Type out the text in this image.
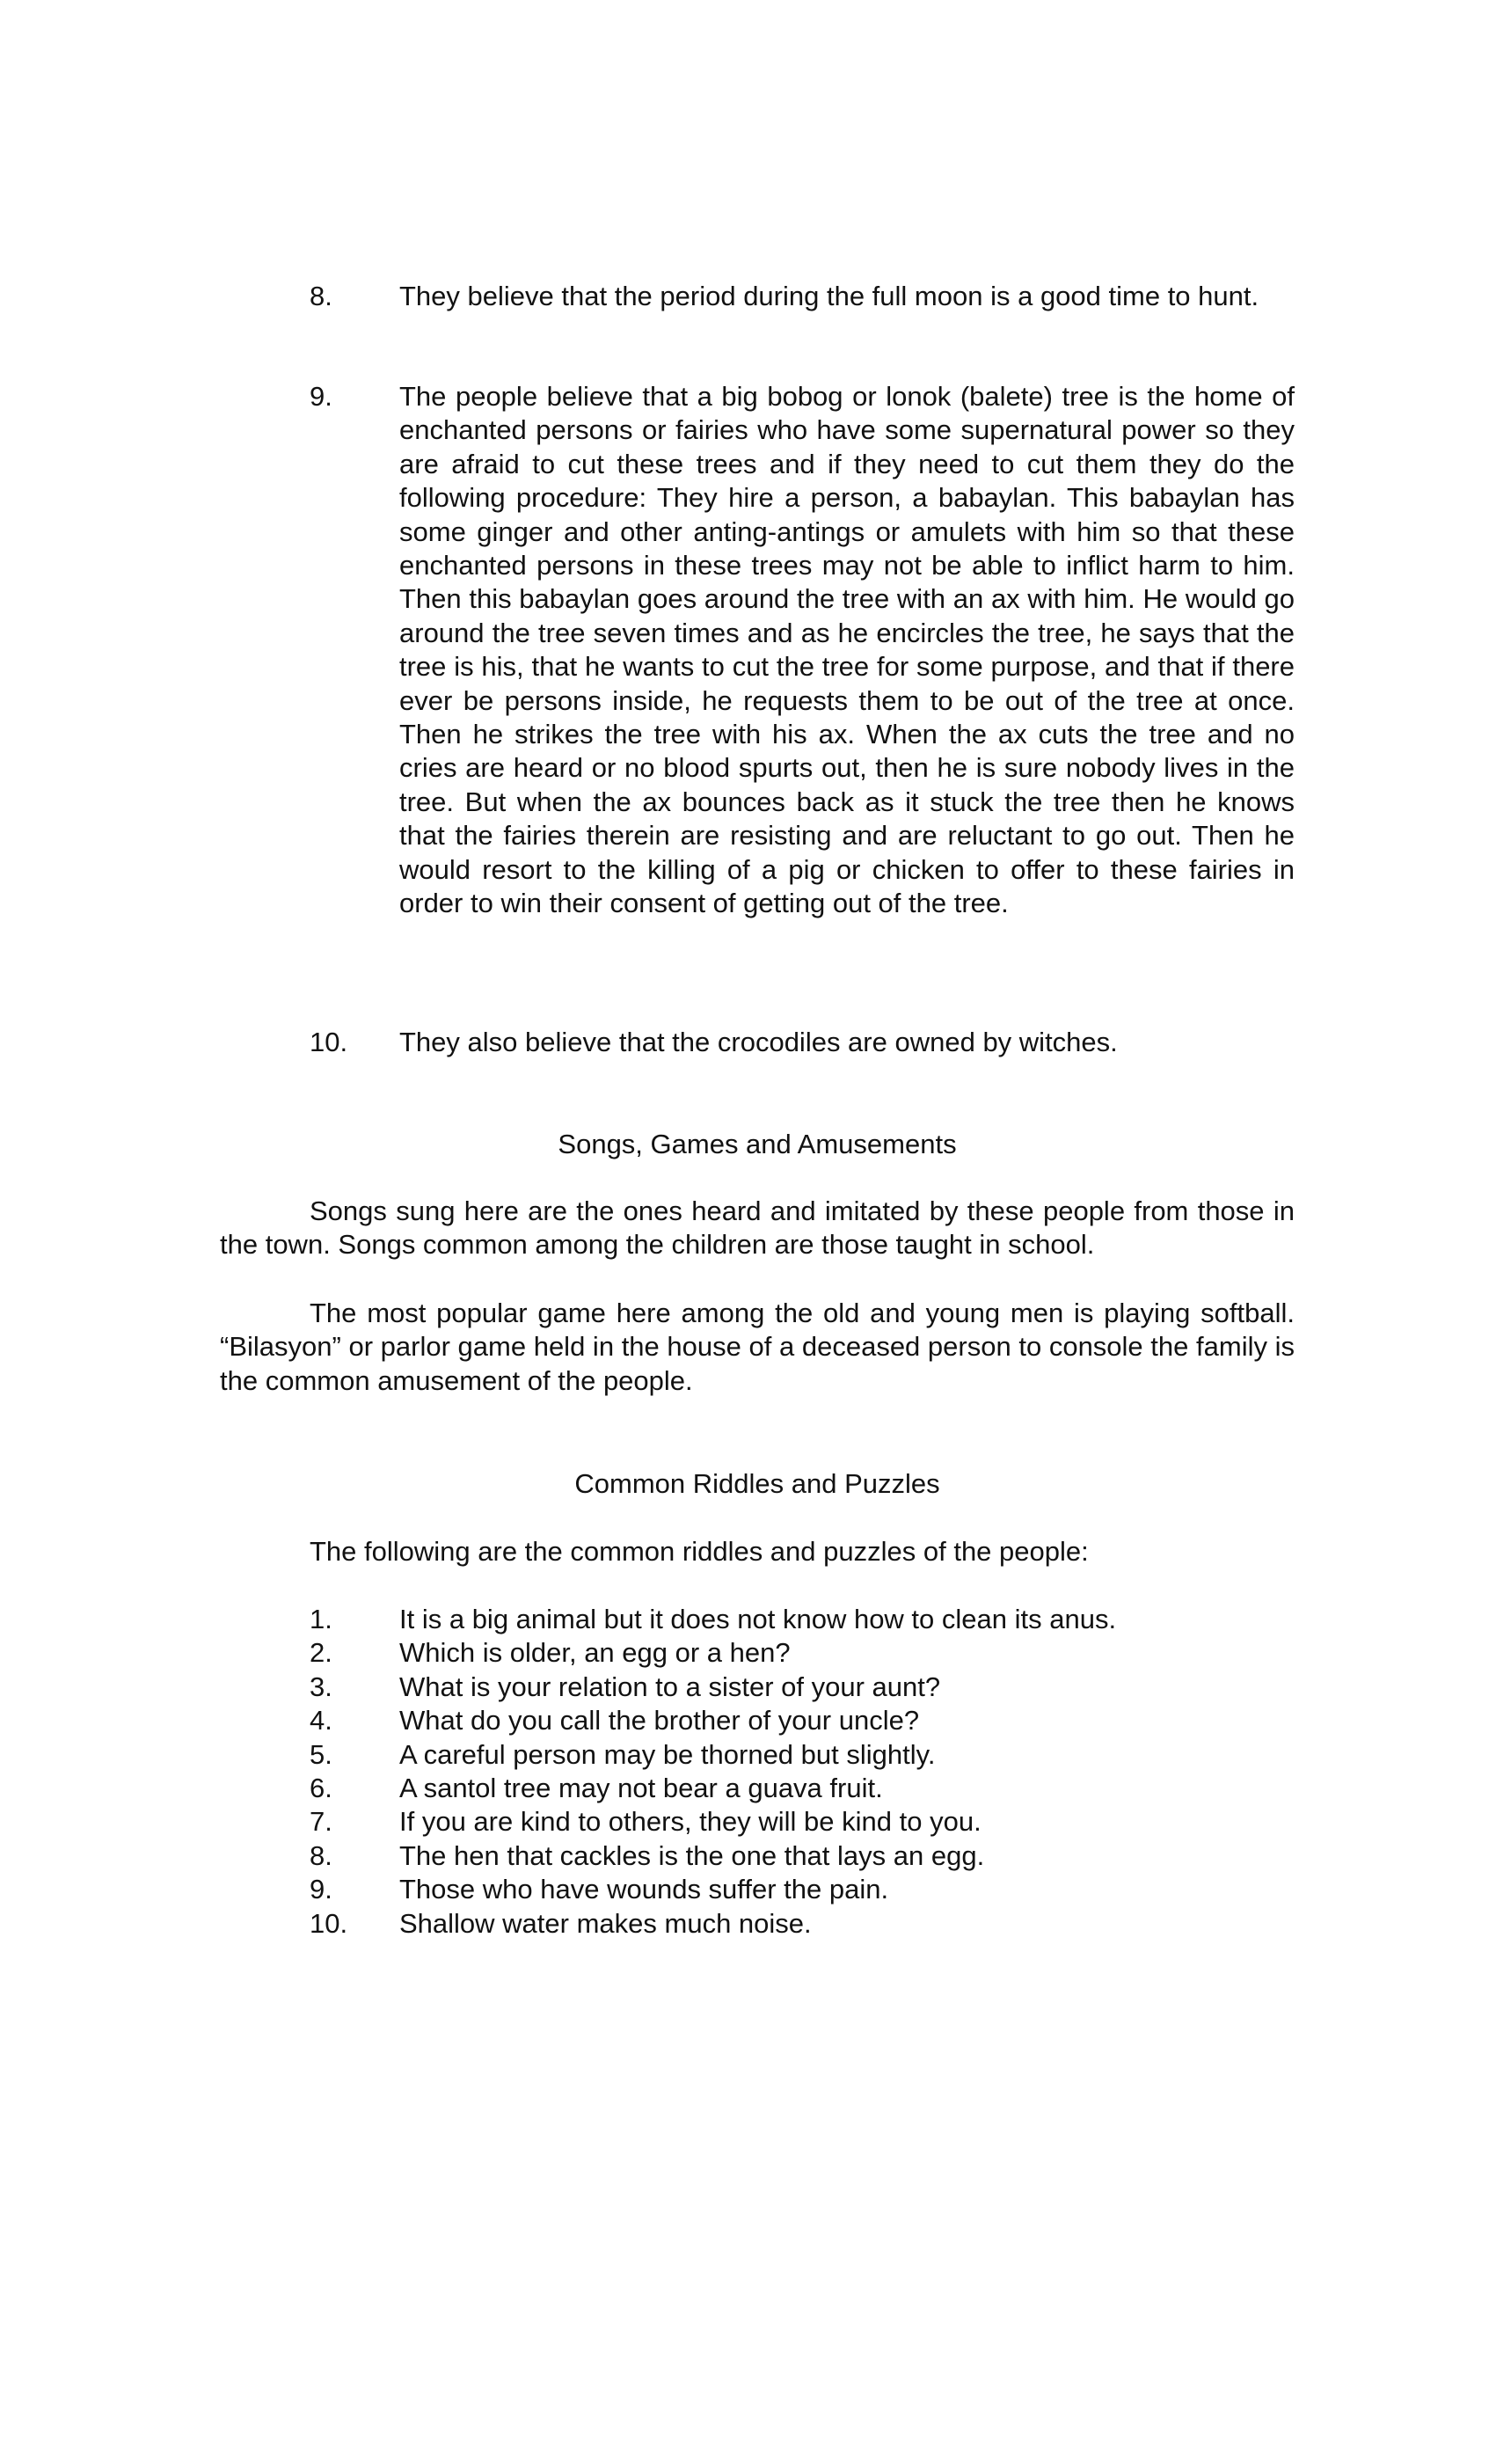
8. They believe that the period during the full moon is a good time to hunt.
9. The people believe that a big bobog or lonok (balete) tree is the home of enchanted persons or fairies who have some supernatural power so they are afraid to cut these trees and if they need to cut them they do the following procedure: They hire a person, a babaylan. This babaylan has some ginger and other anting-antings or amulets with him so that these enchanted persons in these trees may not be able to inflict harm to him. Then this babaylan goes around the tree with an ax with him. He would go around the tree seven times and as he encircles the tree, he says that the tree is his, that he wants to cut the tree for some purpose, and that if there ever be persons inside, he requests them to be out of the tree at once. Then he strikes the tree with his ax. When the ax cuts the tree and no cries are heard or no blood spurts out, then he is sure nobody lives in the tree. But when the ax bounces back as it stuck the tree then he knows that the fairies therein are resisting and are reluctant to go out. Then he would resort to the killing of a pig or chicken to offer to these fairies in order to win their consent of getting out of the tree.
10. They also believe that the crocodiles are owned by witches.
Songs, Games and Amusements
Songs sung here are the ones heard and imitated by these people from those in the town. Songs common among the children are those taught in school.
The most popular game here among the old and young men is playing softball. “Bilasyon” or parlor game held in the house of a deceased person to console the family is the common amusement of the people.
Common Riddles and Puzzles
The following are the common riddles and puzzles of the people:
1. It is a big animal but it does not know how to clean its anus.
2. Which is older, an egg or a hen?
3. What is your relation to a sister of your aunt?
4. What do you call the brother of your uncle?
5. A careful person may be thorned but slightly.
6. A santol tree may not bear a guava fruit.
7. If you are kind to others, they will be kind to you.
8. The hen that cackles is the one that lays an egg.
9. Those who have wounds suffer the pain.
10. Shallow water makes much noise.
